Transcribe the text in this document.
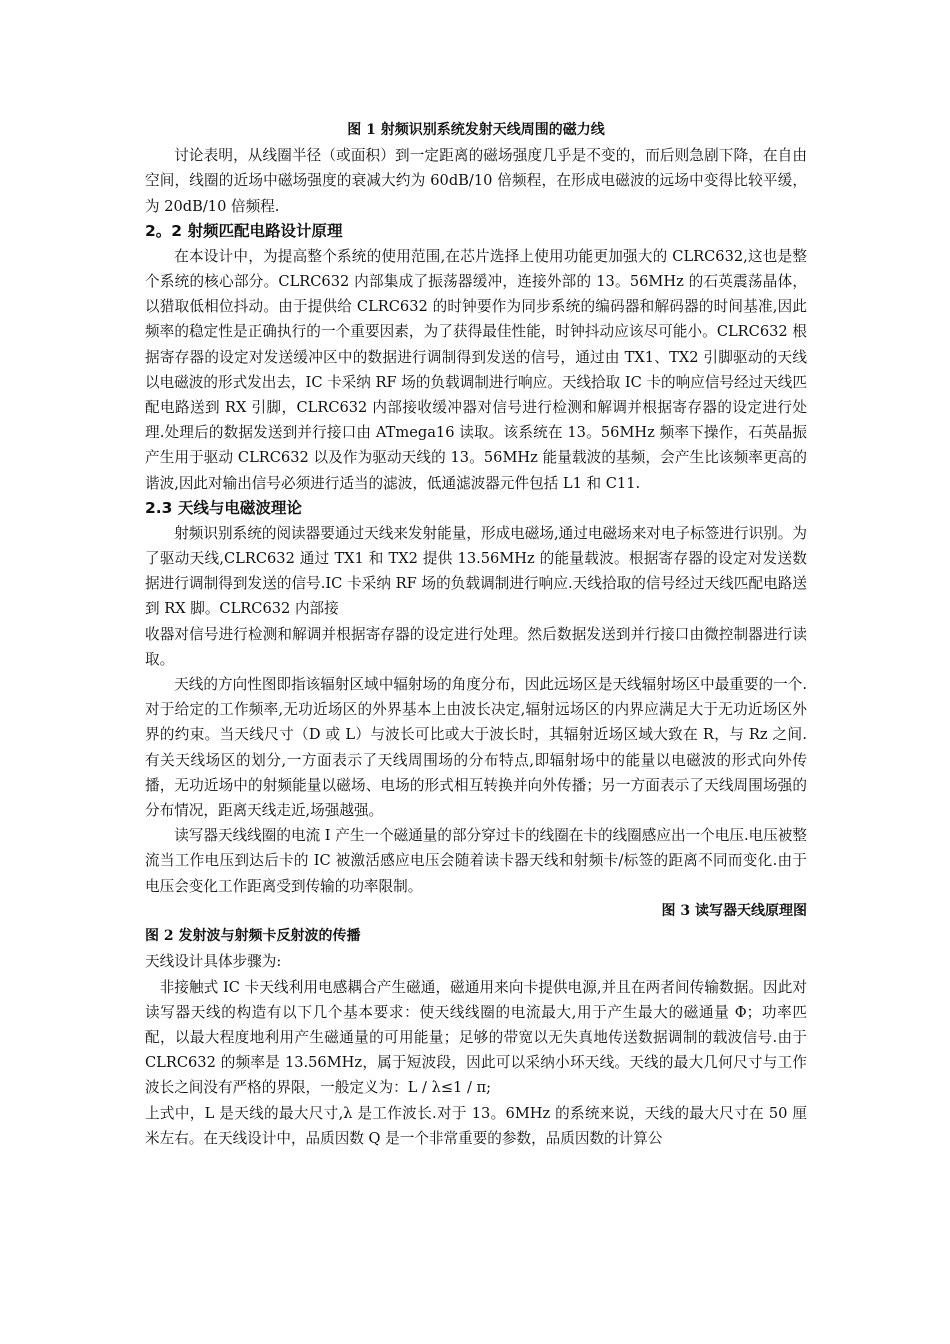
图 1 射频识别系统发射天线周围的磁力线

讨论表明，从线圈半径（或面积）到一定距离的磁场强度几乎是不变的，而后则急剧下降，在自由空间，线圈的近场中磁场强度的衰减大约为 60dB/10 倍频程，在形成电磁波的远场中变得比较平缓，为 20dB/10 倍频程.

2。2 射频匹配电路设计原理

在本设计中，为提高整个系统的使用范围,在芯片选择上使用功能更加强大的 CLRC632,这也是整个系统的核心部分。CLRC632 内部集成了振荡器缓冲，连接外部的 13。56MHz 的石英震荡晶体，以猎取低相位抖动。由于提供给 CLRC632 的时钟要作为同步系统的编码器和解码器的时间基准,因此频率的稳定性是正确执行的一个重要因素，为了获得最佳性能，时钟抖动应该尽可能小。CLRC632 根据寄存器的设定对发送缓冲区中的数据进行调制得到发送的信号，通过由 TX1、TX2 引脚驱动的天线以电磁波的形式发出去，IC 卡采纳 RF 场的负载调制进行响应。天线拾取 IC 卡的响应信号经过天线匹配电路送到 RX 引脚，CLRC632 内部接收缓冲器对信号进行检测和解调并根据寄存器的设定进行处理.处理后的数据发送到并行接口由 ATmega16 读取。该系统在 13。56MHz 频率下操作，石英晶振产生用于驱动 CLRC632 以及作为驱动天线的 13。56MHz 能量载波的基频，会产生比该频率更高的谐波,因此对输出信号必须进行适当的滤波，低通滤波器元件包括 L1 和 C11.

2.3 天线与电磁波理论

射频识别系统的阅读器要通过天线来发射能量，形成电磁场,通过电磁场来对电子标签进行识别。为了驱动天线,CLRC632 通过 TX1 和 TX2 提供 13.56MHz 的能量载波。根据寄存器的设定对发送数据进行调制得到发送的信号.IC 卡采纳 RF 场的负载调制进行响应.天线拾取的信号经过天线匹配电路送到 RX 脚。CLRC632 内部接

收器对信号进行检测和解调并根据寄存器的设定进行处理。然后数据发送到并行接口由微控制器进行读取。

天线的方向性图即指该辐射区域中辐射场的角度分布，因此远场区是天线辐射场区中最重要的一个.对于给定的工作频率,无功近场区的外界基本上由波长决定,辐射远场区的内界应满足大于无功近场区外界的约束。当天线尺寸（D 或 L）与波长可比或大于波长时，其辐射近场区域大致在 R，与 Rz 之间.有关天线场区的划分,一方面表示了天线周围场的分布特点,即辐射场中的能量以电磁波的形式向外传播，无功近场中的射频能量以磁场、电场的形式相互转换并向外传播；另一方面表示了天线周围场强的分布情况，距离天线走近,场强越强。

读写器天线线圈的电流 I 产生一个磁通量的部分穿过卡的线圈在卡的线圈感应出一个电压.电压被整流当工作电压到达后卡的 IC 被激活感应电压会随着读卡器天线和射频卡/标签的距离不同而变化.由于电压会变化工作距离受到传输的功率限制。

图 3 读写器天线原理图

图 2 发射波与射频卡反射波的传播

天线设计具体步骤为:

非接触式 IC 卡天线利用电感耦合产生磁通，磁通用来向卡提供电源,并且在两者间传输数据。因此对读写器天线的构造有以下几个基本要求：使天线线圈的电流最大,用于产生最大的磁通量 Φ；功率匹配，以最大程度地利用产生磁通量的可用能量；足够的带宽以无失真地传送数据调制的载波信号.由于 CLRC632 的频率是 13.56MHz，属于短波段，因此可以采纳小环天线。天线的最大几何尺寸与工作波长之间没有严格的界限，一般定义为：L / λ≤1 / π;

上式中，L 是天线的最大尺寸,λ 是工作波长.对于 13。6MHz 的系统来说，天线的最大尺寸在 50 厘米左右。在天线设计中，品质因数 Q 是一个非常重要的参数，品质因数的计算公
